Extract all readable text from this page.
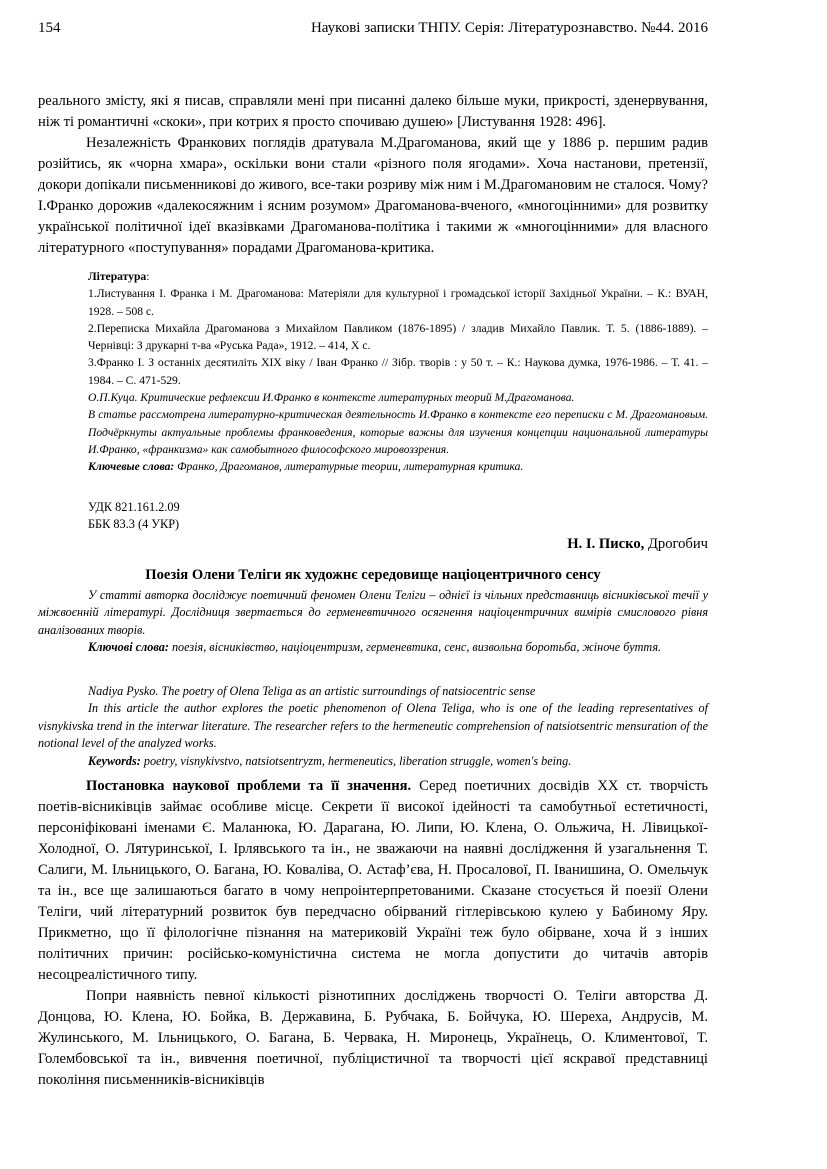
154	Наукові записки ТНПУ. Серія: Літературознавство. №44. 2016

реального змісту, які я писав, справляли мені при писанні далеко більше муки, прикрості, зденервування, ніж ті романтичні «скоки», при котрих я просто спочиваю душею» [Листування 1928: 496].

Незалежність Франкових поглядів дратувала М.Драгоманова, який ще у 1886 р. першим радив розійтись, як «чорна хмара», оскільки вони стали «різного поля ягодами». Хоча настанови, претензії, докори допікали письменникові до живого, все-таки розриву між ним і М.Драгомановим не сталося. Чому? І.Франко дорожив «далекосяжним і ясним розумом» Драгоманова-вченого, «многоцінними» для розвитку української політичної ідеї вказівками Драгоманова-політика і такими ж «многоцінними» для власного літературного «поступування» порадами Драгоманова-критика.

Література:

1.Листування І. Франка і М. Драгоманова: Матеріяли для культурної і громадської історії Західньої України. – К.: ВУАН, 1928. – 508 с.

2.Переписка Михайла Драгоманова з Михайлом Павликом (1876-1895) / зладив Михайло Павлик. Т. 5. (1886-1889). – Чернівці: З друкарні т-ва «Руська Рада», 1912. – 414, Х с.

3.Франко І. З останніх десятиліть ХІХ віку / Іван Франко // Зібр. творів : у 50 т. – К.: Наукова думка, 1976-1986. – Т. 41. – 1984. – С. 471-529.

О.П.Куца. Критические рефлексии И.Франко в контексте литературных теорий М.Драгоманова.

В статье рассмотрена литературно-критическая деятельность И.Франко в контексте его переписки с М. Драгомановым. Подчёркнуты актуальные проблемы франковедения, которые важны для изучения концепции национальной литературы И.Франко, «франкизма» как самобытного философского мировоззрения.

Ключевые слова: Франко, Драгоманов, литературные теории, литературная критика.

УДК 821.161.2.09
ББК 83.3 (4 УКР)
Н. І. Писко, Дрогобич
Поезія Олени Теліги як художнє середовище націоцентричного сенсу

У статті авторка досліджує поетичний феномен Олени Теліги – однієї із чільних представниць вісниківської течії у міжвоєнній літературі. Дослідниця звертається до герменевтичного осягнення націоцентричних вимірів смислового рівня аналізованих творів.

Ключові слова: поезія, вісниківство, націоцентризм, герменевтика, сенс, визвольна боротьба, жіноче буття.

Nadiya Pysko. The poetry of Olena Teliga as an artistic surroundings of natsiocentric sense

In this article the author explores the poetic phenomenon of Olena Teliga, who is one of the leading representatives of visnykivska trend in the interwar literature. The researcher refers to the hermeneutic comprehension of natsiotsentric mensuration of the notional level of the analyzed works.

Keywords: poetry, visnykivstvo, natsiotsentryzm, hermeneutics, liberation struggle, women's being.

Постановка наукової проблеми та її значення. Серед поетичних досвідів ХХ ст. творчість поетів-вісниківців займає особливе місце. Секрети її високої ідейності та самобутньої естетичності, персоніфіковані іменами Є. Маланюка, Ю. Дарагана, Ю. Липи, Ю. Клена, О. Ольжича, Н. Лівицької-Холодної, О. Лятуринської, І. Ірлявського та ін., не зважаючи на наявні дослідження й узагальнення Т. Салиги, М. Ільницького, О. Багана, Ю. Коваліва, О. Астаф’єва, Н. Просалової, П. Іванишина, О. Омельчук та ін., все ще залишаються багато в чому непроінтерпретованими. Сказане стосується й поезії Олени Теліги, чий літературний розвиток був передчасно обірваний гітлерівською кулею у Бабиному Яру. Прикметно, що її філологічне пізнання на материковій Україні теж було обірване, хоча й з інших політичних причин: російсько-комуністична система не могла допустити до читачів авторів несоцреалістичного типу.

Попри наявність певної кількості різнотипних досліджень творчості О. Теліги авторства Д. Донцова, Ю. Клена, Ю. Бойка, В. Державина, Б. Рубчака, Б. Бойчука, Ю. Шереха, Андрусів, М. Жулинського, М. Ільницького, О. Багана, Б. Червака, Н. Миронець, Українець, О. Климентової, Т. Голембовської та ін., вивчення поетичної, публіцистичної та творчості цієї яскравої представниці покоління письменників-вісниківців
